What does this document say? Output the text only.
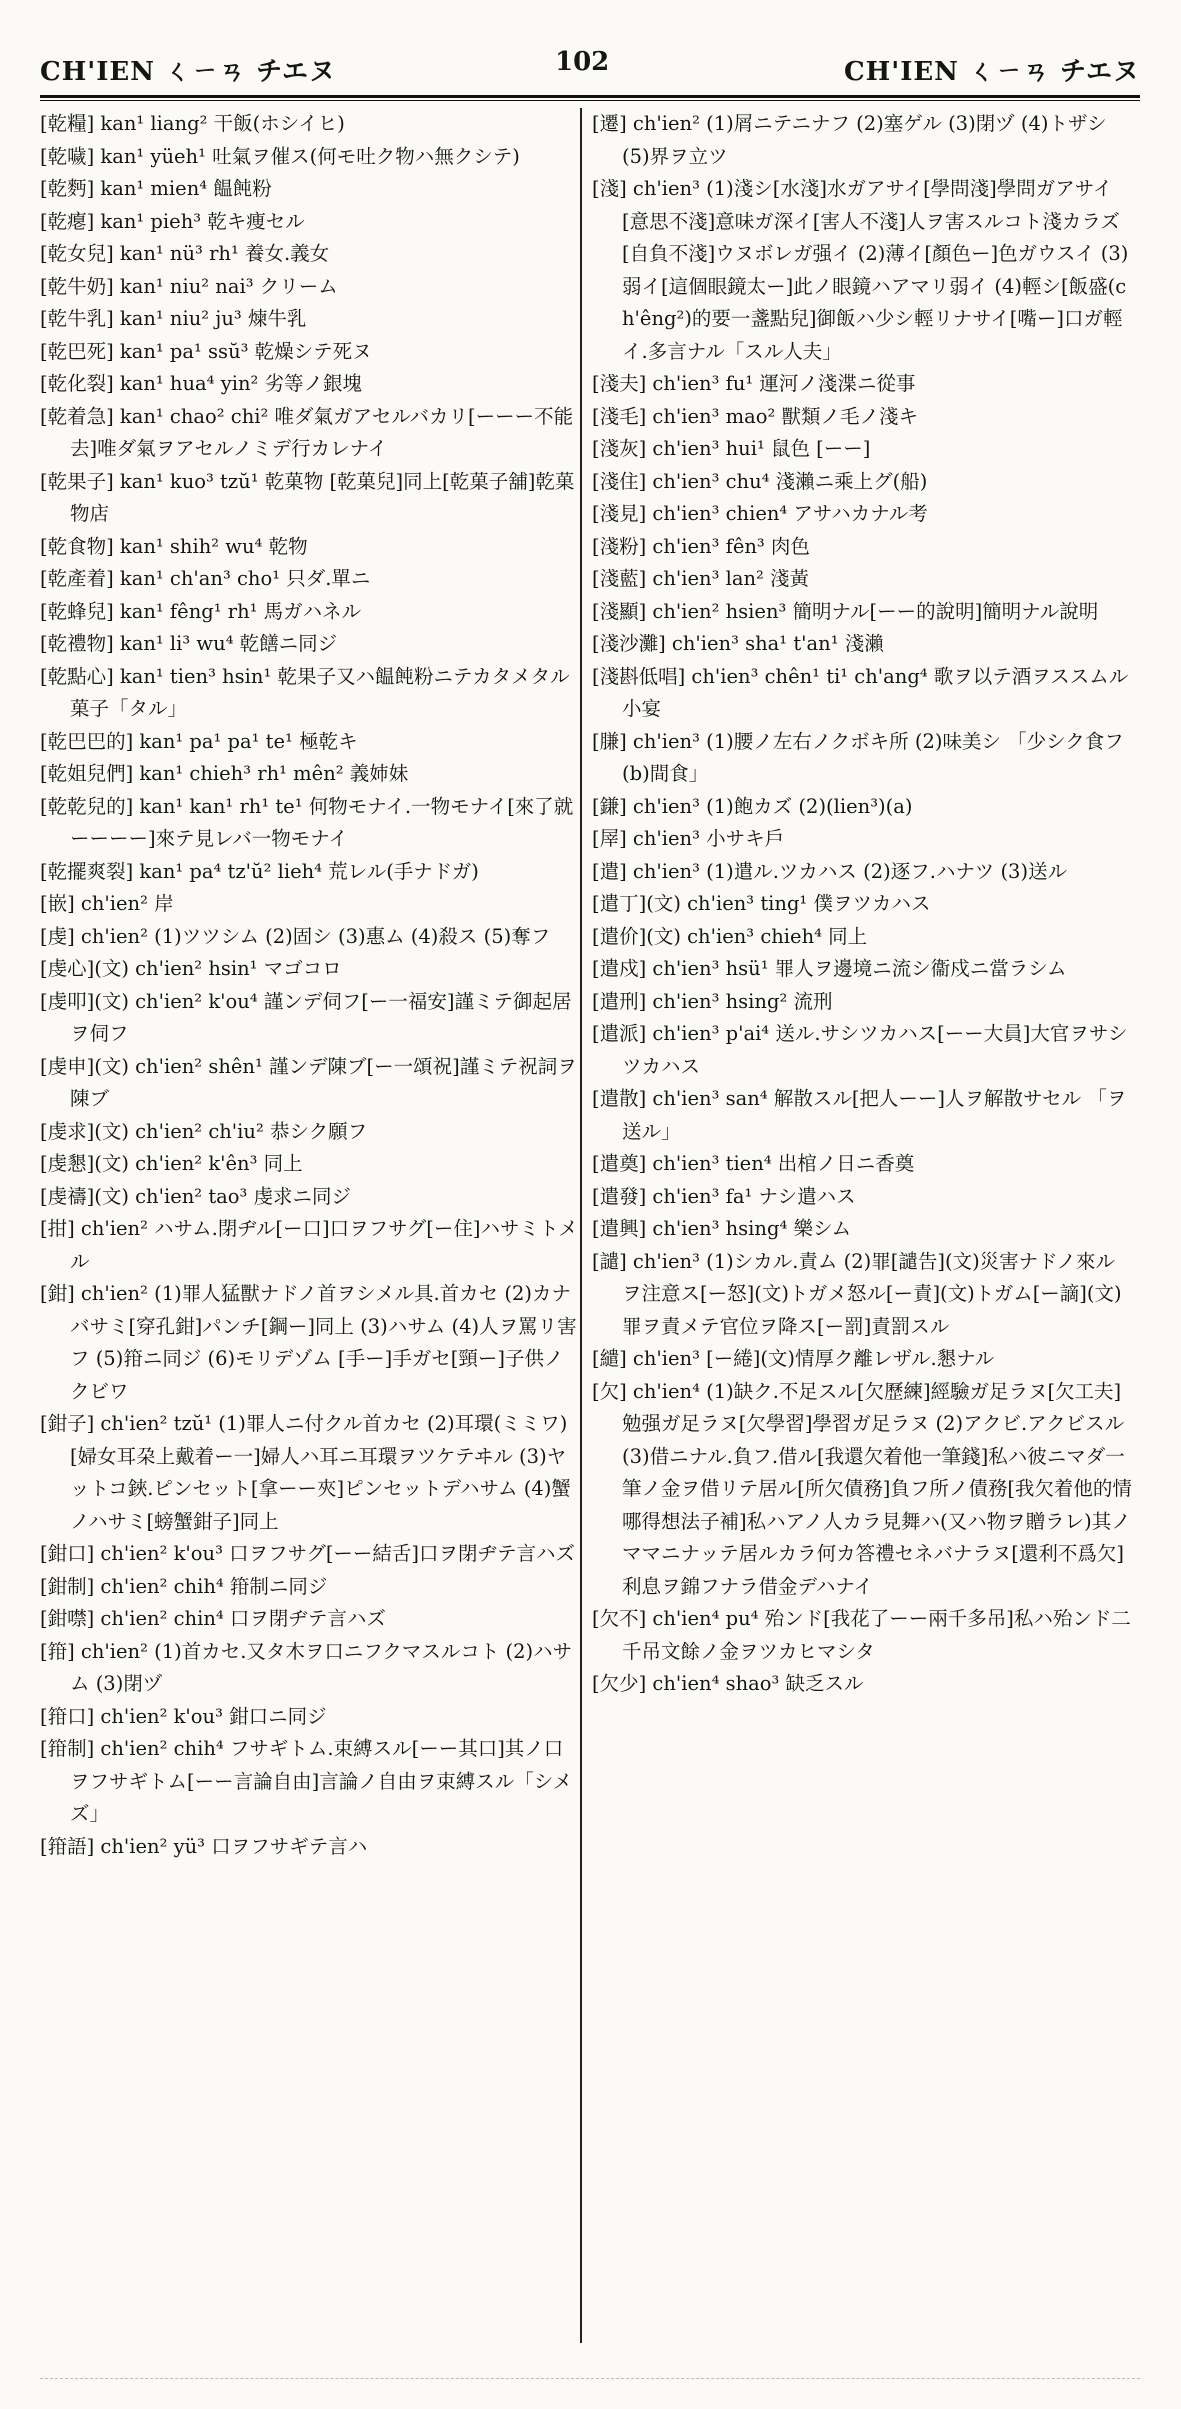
CH'IEN ㄑㄧㄢ チエヌ	102	CH'IEN ㄑㄧㄢ チエヌ

[乾糧] kan¹ liang² 干飯(ホシイヒ)

[乾噦] kan¹ yüeh¹ 吐氣ヲ催ス(何モ吐ク物ハ無クシテ)

[乾麪] kan¹ mien⁴ 饂飩粉

[乾瘪] kan¹ pieh³ 乾キ痩セル

[乾女兒] kan¹ nü³ rh¹ 養女.義女

[乾牛奶] kan¹ niu² nai³ クリーム

[乾牛乳] kan¹ niu² ju³ 煉牛乳

[乾巴死] kan¹ pa¹ ssŭ³ 乾燥シテ死ヌ

[乾化裂] kan¹ hua⁴ yin² 劣等ノ銀塊

[乾着急] kan¹ chao² chi² 唯ダ氣ガアセルバカリ[ーーー不能去]唯ダ氣ヲアセルノミデ行カレナイ

[乾果子] kan¹ kuo³ tzŭ¹ 乾菓物 [乾菓兒]同上[乾菓子舖]乾菓物店

[乾食物] kan¹ shih² wu⁴ 乾物

[乾產着] kan¹ ch'an³ cho¹ 只ダ.單ニ

[乾蜂兒] kan¹ fêng¹ rh¹ 馬ガハネル

[乾禮物] kan¹ li³ wu⁴ 乾饍ニ同ジ

[乾點心] kan¹ tien³ hsin¹ 乾果子又ハ饂飩粉ニテカタメタル菓子「タル」

[乾巴巴的] kan¹ pa¹ pa¹ te¹ 極乾キ

[乾姐兒們] kan¹ chieh³ rh¹ mên² 義姉妹

[乾乾兒的] kan¹ kan¹ rh¹ te¹ 何物モナイ.一物モナイ[來了就ーーーー]來テ見レバ一物モナイ

[乾擺爽裂] kan¹ pa⁴ tz'ŭ² lieh⁴ 荒レル(手ナドガ)

[嵌] ch'ien² 岸

[虔] ch'ien² (1)ツツシム (2)固シ (3)惠ム (4)殺ス (5)奪フ

[虔心](文) ch'ien² hsin¹ マゴコロ

[虔叩](文) ch'ien² k'ou⁴ 謹ンデ伺フ[ー一福安]謹ミテ御起居ヲ伺フ

[虔申](文) ch'ien² shên¹ 謹ンデ陳ブ[ー一頌祝]謹ミテ祝詞ヲ陳ブ

[虔求](文) ch'ien² ch'iu² 恭シク願フ

[虔懇](文) ch'ien² k'ên³ 同上

[虔禱](文) ch'ien² tao³ 虔求ニ同ジ

[拑] ch'ien² ハサム.閉ヂル[ー口]口ヲフサグ[ー住]ハサミトメル

[鉗] ch'ien² (1)罪人猛獸ナドノ首ヲシメル具.首カセ (2)カナバサミ[穿孔鉗]パンチ[鋼ー]同上 (3)ハサム (4)人ヲ罵リ害フ (5)箝ニ同ジ (6)モリデゾム [手ー]手ガセ[頸ー]子供ノクビワ

[鉗子] ch'ien² tzŭ¹ (1)罪人ニ付クル首カセ (2)耳環(ミミワ)[婦女耳朶上戴着ー一]婦人ハ耳ニ耳環ヲツケテヰル (3)ヤットコ鋏.ピンセット[拿ーー夾]ピンセットデハサム (4)蟹ノハサミ[螃蟹鉗子]同上

[鉗口] ch'ien² k'ou³ 口ヲフサグ[ーー結舌]口ヲ閉ヂテ言ハズ

[鉗制] ch'ien² chih⁴ 箝制ニ同ジ

[鉗噤] ch'ien² chin⁴ 口ヲ閉ヂテ言ハズ

[箝] ch'ien² (1)首カセ.又タ木ヲ口ニフクマスルコト (2)ハサム (3)閉ヅ

[箝口] ch'ien² k'ou³ 鉗口ニ同ジ

[箝制] ch'ien² chih⁴ フサギトム.束縛スル[ーー其口]其ノ口ヲフサギトム[ーー言論自由]言論ノ自由ヲ束縛スル「シメズ」

[箝語] ch'ien² yü³ 口ヲフサギテ言ハ

[遷] ch'ien² (1)屑ニテニナフ (2)塞ゲル (3)閉ヅ (4)トザシ (5)界ヲ立ツ

[淺] ch'ien³ (1)淺シ[水淺]水ガアサイ[學問淺]學問ガアサイ[意思不淺]意味ガ深イ[害人不淺]人ヲ害スルコト淺カラズ[自負不淺]ウヌボレガ强イ (2)薄イ[顏色ー]色ガウスイ (3)弱イ[這個眼鏡太ー]此ノ眼鏡ハアマリ弱イ (4)輕シ[飯盛(ch'êng²)的要一盞點兒]御飯ハ少シ輕リナサイ[嘴ー]口ガ輕イ.多言ナル「スル人夫」

[淺夫] ch'ien³ fu¹ 運河ノ淺渫ニ從事

[淺毛] ch'ien³ mao² 獸類ノ毛ノ淺キ

[淺灰] ch'ien³ hui¹ 鼠色 [ーー]

[淺住] ch'ien³ chu⁴ 淺瀨ニ乘上グ(船)

[淺見] ch'ien³ chien⁴ アサハカナル考

[淺粉] ch'ien³ fên³ 肉色

[淺藍] ch'ien³ lan² 淺黃

[淺顯] ch'ien² hsien³ 簡明ナル[ーー的說明]簡明ナル說明

[淺沙灘] ch'ien³ sha¹ t'an¹ 淺瀨

[淺斟低唱] ch'ien³ chên¹ ti¹ ch'ang⁴ 歌ヲ以テ酒ヲススムル小宴

[膁] ch'ien³ (1)腰ノ左右ノクボキ所 (2)味美シ 「少シク食フ (b)間食」

[鎌] ch'ien³ (1)飽カズ (2)(lien³)(a)

[屖] ch'ien³ 小サキ戶

[遣] ch'ien³ (1)遣ル.ツカハス (2)逐フ.ハナツ (3)送ル

[遣丁](文) ch'ien³ ting¹ 僕ヲツカハス

[遣价](文) ch'ien³ chieh⁴ 同上

[遣戍] ch'ien³ hsü¹ 罪人ヲ邊境ニ流シ衞戍ニ當ラシム

[遣刑] ch'ien³ hsing² 流刑

[遣派] ch'ien³ p'ai⁴ 送ル.サシツカハス[ーー大員]大官ヲサシツカハス

[遣散] ch'ien³ san⁴ 解散スル[把人ーー]人ヲ解散サセル 「ヲ送ル」

[遣奠] ch'ien³ tien⁴ 出棺ノ日ニ香奠

[遣發] ch'ien³ fa¹ ナシ遣ハス

[遣興] ch'ien³ hsing⁴ 樂シム

[譴] ch'ien³ (1)シカル.責ム (2)罪[譴告](文)災害ナドノ來ルヲ注意ス[ー怒](文)トガメ怒ル[ー責](文)トガム[ー謫](文)罪ヲ責メテ官位ヲ降ス[ー罰]責罰スル

[繾] ch'ien³ [ー綣](文)情厚ク離レザル.懇ナル

[欠] ch'ien⁴ (1)缺ク.不足スル[欠歷練]經驗ガ足ラヌ[欠工夫]勉强ガ足ラヌ[欠學習]學習ガ足ラヌ (2)アクビ.アクビスル (3)借ニナル.負フ.借ル[我還欠着他一筆錢]私ハ彼ニマダ一筆ノ金ヲ借リテ居ル[所欠債務]負フ所ノ債務[我欠着他的情哪得想法子補]私ハアノ人カラ見舞ハ(又ハ物ヲ贈ラレ)其ノママニナッテ居ルカラ何カ答禮セネバナラヌ[還利不爲欠]利息ヲ錦フナラ借金デハナイ

[欠不] ch'ien⁴ pu⁴ 殆ンド[我花了ーー兩千多吊]私ハ殆ンド二千吊文餘ノ金ヲツカヒマシタ

[欠少] ch'ien⁴ shao³ 缺乏スル
